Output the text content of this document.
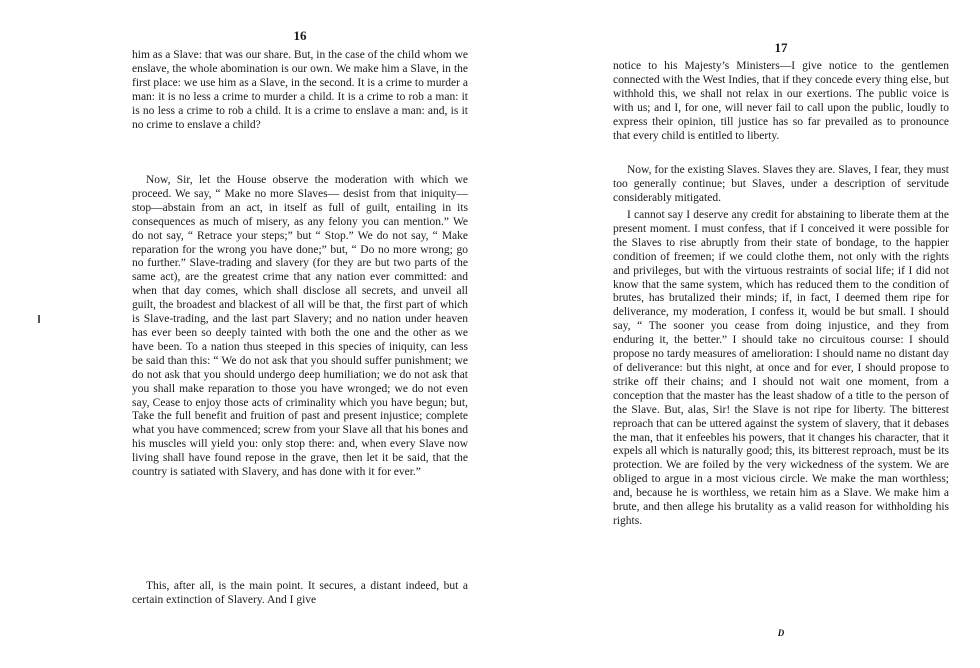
16

him as a Slave: that was our share. But, in the case of the child whom we enslave, the whole abomination is our own. We make him a Slave, in the first place: we use him as a Slave, in the second. It is a crime to murder a man: it is no less a crime to murder a child. It is a crime to rob a man: it is no less a crime to rob a child. It is a crime to enslave a man: and, is it no crime to enslave a child?

Now, Sir, let the House observe the moderation with which we proceed. We say, “ Make no more Slaves— desist from that iniquity—stop—abstain from an act, in itself as full of guilt, entailing in its consequences as much of misery, as any felony you can mention.” We do not say, “ Retrace your steps;” but “ Stop.” We do not say, “ Make reparation for the wrong you have done;” but, “ Do no more wrong; go no further.” Slave-trading and slavery (for they are but two parts of the same act), are the greatest crime that any nation ever committed: and when that day comes, which shall disclose all secrets, and unveil all guilt, the broadest and blackest of all will be that, the first part of which is Slave-trading, and the last part Slavery; and no nation under heaven has ever been so deeply tainted with both the one and the other as we have been. To a nation thus steeped in this species of iniquity, can less be said than this: “ We do not ask that you should suffer punishment; we do not ask that you should undergo deep humiliation; we do not ask that you shall make reparation to those you have wronged; we do not even say, Cease to enjoy those acts of criminality which you have begun; but, Take the full benefit and fruition of past and present injustice; complete what you have commenced; screw from your Slave all that his bones and his muscles will yield you: only stop there: and, when every Slave now living shall have found repose in the grave, then let it be said, that the country is satiated with Slavery, and has done with it for ever.”

This, after all, is the main point. It secures, a distant indeed, but a certain extinction of Slavery. And I give

17

notice to his Majesty’s Ministers—I give notice to the gentlemen connected with the West Indies, that if they concede every thing else, but withhold this, we shall not relax in our exertions. The public voice is with us; and I, for one, will never fail to call upon the public, loudly to express their opinion, till justice has so far prevailed as to pronounce that every child is entitled to liberty.

Now, for the existing Slaves. Slaves they are. Slaves, I fear, they must too generally continue; but Slaves, under a description of servitude considerably mitigated.

I cannot say I deserve any credit for abstaining to liberate them at the present moment. I must confess, that if I conceived it were possible for the Slaves to rise abruptly from their state of bondage, to the happier condition of freemen; if we could clothe them, not only with the rights and privileges, but with the virtuous restraints of social life; if I did not know that the same system, which has reduced them to the condition of brutes, has brutalized their minds; if, in fact, I deemed them ripe for deliverance, my moderation, I confess it, would be but small. I should say, “ The sooner you cease from doing injustice, and they from enduring it, the better.” I should take no circuitous course: I should propose no tardy measures of amelioration: I should name no distant day of deliverance: but this night, at once and for ever, I should propose to strike off their chains; and I should not wait one moment, from a conception that the master has the least shadow of a title to the person of the Slave. But, alas, Sir! the Slave is not ripe for liberty. The bitterest reproach that can be uttered against the system of slavery, that it debases the man, that it enfeebles his powers, that it changes his character, that it expels all which is naturally good; this, its bitterest reproach, must be its protection. We are foiled by the very wickedness of the system. We are obliged to argue in a most vicious circle. We make the man worthless; and, because he is worthless, we retain him as a Slave. We make him a brute, and then allege his brutality as a valid reason for withholding his rights.

D
